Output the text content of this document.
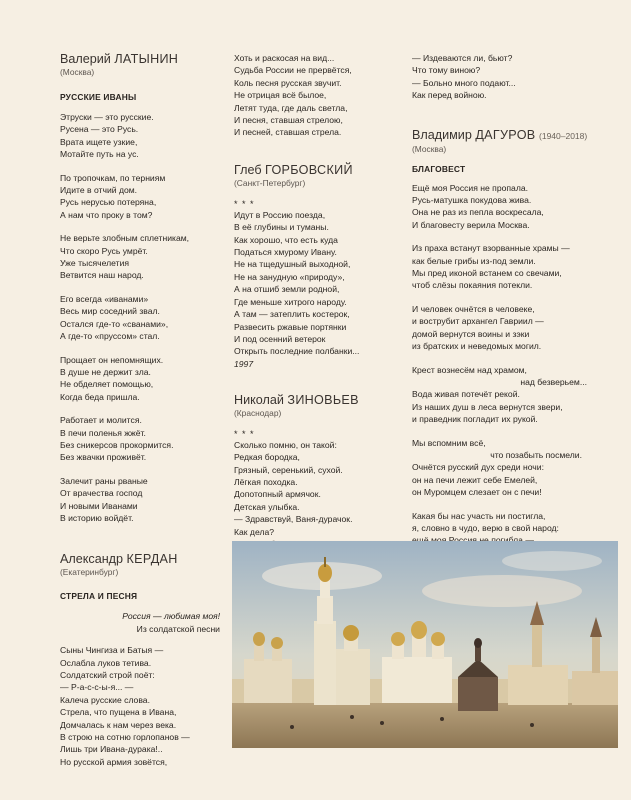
Валерий ЛАТЫНИН
(Москва)
РУССКИЕ ИВАНЫ
Этруски — это русские.
Русена — это Русь.
Врата ищете узкие,
Мотайте путь на ус.
По тропочкам, по терниям
Идите в отчий дом.
Русь нерусью потеряна,
А нам что проку в том?
Не верьте злобным сплетникам,
Что скоро Русь умрёт.
Уже тысячелетия
Ветвится наш народ.
Его всегда «иванами»
Весь мир соседний звал.
Остался где-то «сванами»,
А где-то «пруссом» стал.
Прощает он непомнящих.
В душе не держит зла.
Не обделяет помощью,
Когда беда пришла.
Работает и молится.
В печи поленья жжёт.
Без сникерсов прокормится.
Без жвачки проживёт.
Залечит раны рваные
От врачества господ
И новыми Иванами
В историю войдёт.
Александр КЕРДАН
(Екатеринбург)
СТРЕЛА И ПЕСНЯ
Россия — любимая моя!
Из солдатской песни
Сыны Чингиза и Батыя —
Ослабла луков тетива.
Солдатский строй поёт:
— Р-а-с-с-ы-я... —
Калеча русские слова.
Стрела, что пущена в Ивана,
Домчалась к нам через века.
В строю на сотню горлопанов —
Лишь три Ивана-дурака!..
Но русской армия зовётся,
Хоть и раскосая на вид...
Судьба России не прервётся,
Коль песня русская звучит.
Не отрицая всё былое,
Летят туда, где даль светла,
И песня, ставшая стрелою,
И песней, ставшая стрела.
Глеб ГОРБОВСКИЙ
(Санкт-Петербург)
* * *
Идут в Россию поезда,
В её глубины и туманы.
Как хорошо, что есть куда
Податься хмурому Ивану.
Не на тщедушный выходной,
Не на занудную «природу»,
А на отшиб земли родной,
Где меньше хитрого народу.
А там — затеплить костерок,
Развесить ржавые портянки
И под осенний ветерок
Открыть последние полбанки...
1997
Николай ЗИНОВЬЕВ
(Краснодар)
* * *
Сколько помню, он такой:
Редкая бородка,
Грязный, серенький, сухой.
Лёгкая походка.
Допотопный армячок.
Детская улыбка.
— Здравствуй, Ваня-дурачок.
Как дела?
— Издеваются ли, бьют?
Что тому виною?
— Больно много подают...
Как перед войною.
Владимир ДАГУРОВ (1940–2018)
(Москва)
БЛАГОВЕСТ
Ещё моя Россия не пропала.
Русь-матушка покудова жива.
Она не раз из пепла воскресала,
И благовесту верила Москва.
Из праха встанут взорванные храмы —
как белые грибы из-под земли.
Мы пред иконой встанем со свечами,
чтоб слёзы покаяния потекли.
И человек очнётся в человеке,
и вострубит архангел Гавриил —
домой вернутся воины и зэки
из братских и неведомых могил.
Крест вознесём над храмом,
над безверьем...
Вода живая потечёт рекой.
Из наших душ в леса вернутся звери,
и праведник погладит их рукой.
Мы вспомним всё,
что позабыть посмели.
Очнётся русский дух среди ночи:
он на печи лежит себе Емелей,
он Муромцем слезает он с печи!
Какая бы нас участь ни постигла,
я, словно в чудо, верю в свой народ:
